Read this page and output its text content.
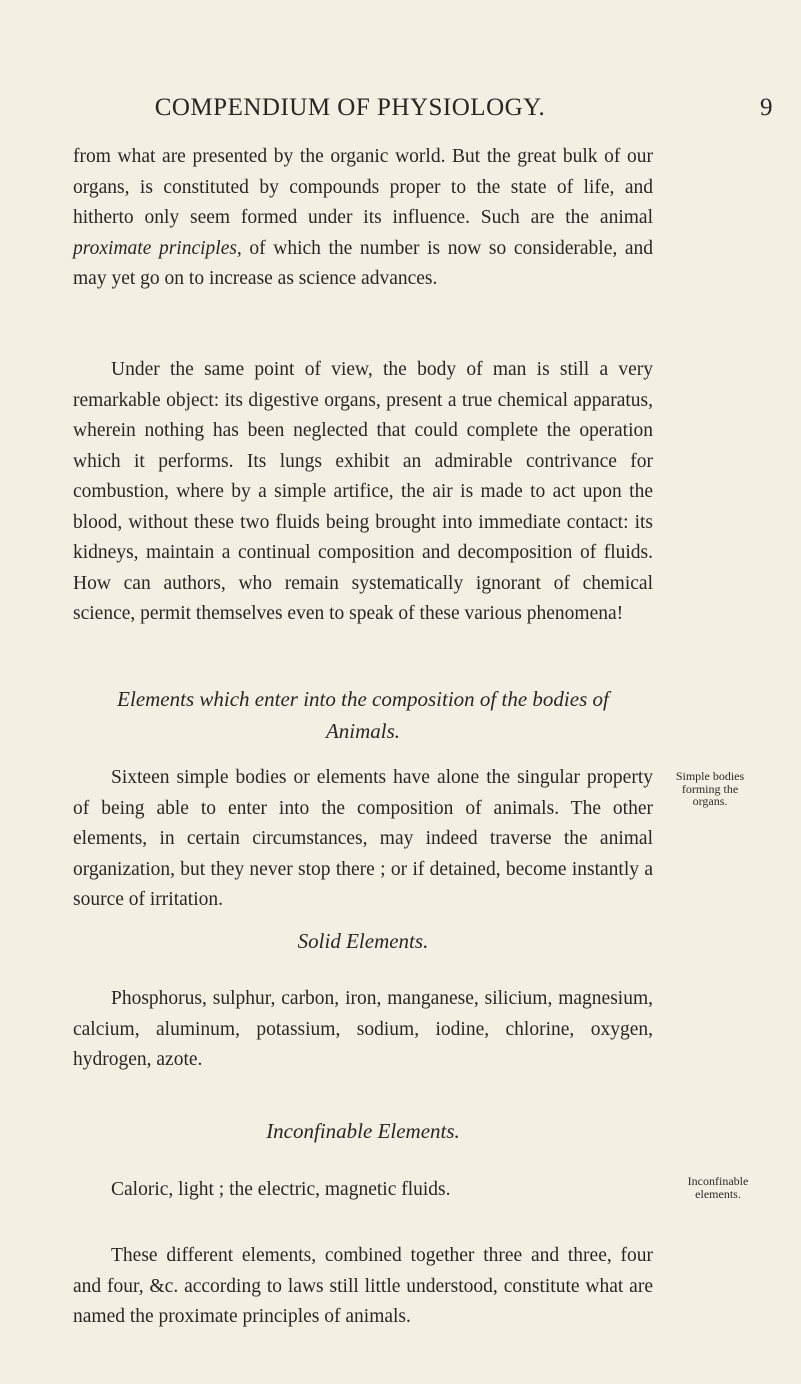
COMPENDIUM OF PHYSIOLOGY.	9

from what are presented by the organic world. But the great bulk of our organs, is constituted by compounds proper to the state of life, and hitherto only seem formed under its influence. Such are the animal proximate principles, of which the number is now so considerable, and may yet go on to increase as science advances.

Under the same point of view, the body of man is still a very remarkable object: its digestive organs, present a true chemical apparatus, wherein nothing has been neglected that could complete the operation which it performs. Its lungs exhibit an admirable contrivance for combustion, where by a simple artifice, the air is made to act upon the blood, without these two fluids being brought into immediate contact: its kidneys, maintain a continual composition and decomposition of fluids. How can authors, who remain systematically ignorant of chemical science, permit themselves even to speak of these various phenomena!

Elements which enter into the composition of the bodies of

Animals.

Sixteen simple bodies or elements have alone the singular property of being able to enter into the composition of animals. The other elements, in certain circumstances, may indeed traverse the animal organization, but they never stop there ; or if detained, become instantly a source of irritation.

Simple bodies
forming the
organs.

Solid Elements.

Phosphorus, sulphur, carbon, iron, manganese, silicium, magnesium, calcium, aluminum, potassium, sodium, iodine, chlorine, oxygen, hydrogen, azote.

Inconfinable Elements.

Caloric, light ; the electric, magnetic fluids.	Inconfinable
elements.

These different elements, combined together three and three, four and four, &c. according to laws still little understood, constitute what are named the proximate principles of animals.
